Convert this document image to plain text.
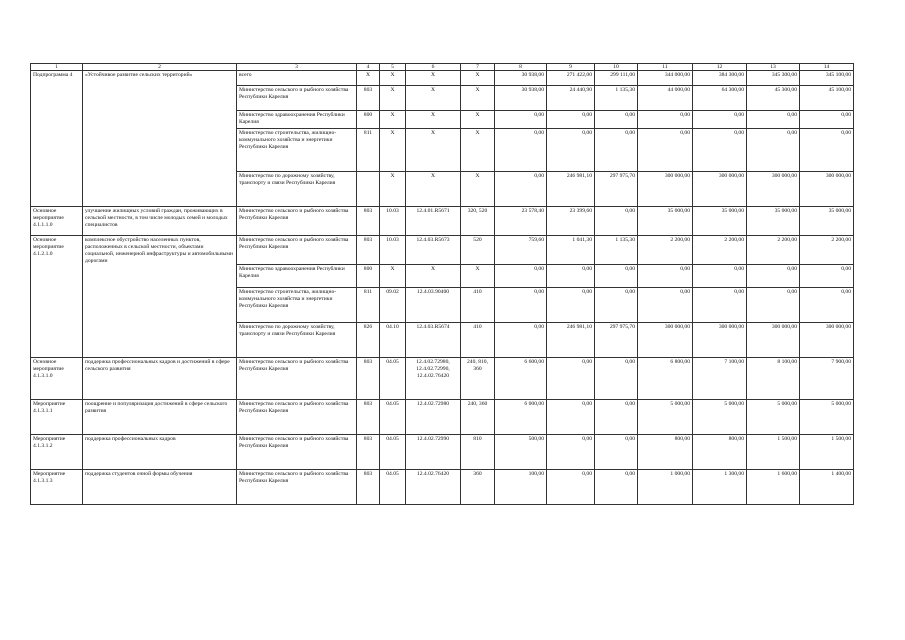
1	2	3	4	5	6	7	8	9	10	11	12	13	14
Подпрограмма 4	«Устойчивое развитие сельских территорий»	всего	Х	Х	Х	Х	30 938,00	271 422,00	299 111,00	344 000,00	384 300,00	345 300,00	345 100,00
		Министерство сельского и рыбного хозяйства Республики Карелия	803	Х	Х	Х	30 938,00	24 440,90	1 135,30	44 000,00	64 300,00	45 300,00	45 100,00
		Министерство здравоохранения Республики Карелия	800	Х	Х	Х	0,00	0,00	0,00	0,00	0,00	0,00	0,00
		Министерство строительства, жилищно-коммунального хозяйства и энергетики Республики Карелия	811	Х	Х	Х	0,00	0,00	0,00	0,00	0,00	0,00	0,00
		Министерство по дорожному хозяйству, транспорту и связи Республики Карелия		Х	Х	Х	0,00	246 981,10	297 975,70	300 000,00	300 000,00	300 000,00	300 000,00
Основное мероприятие 4.1.1.1.0	улучшение жилищных условий граждан, проживающих в сельской местности, в том числе молодых семей и молодых специалистов	Министерство сельского и рыбного хозяйства Республики Карелия	803	10.03	12.4.01.R5671	320, 520	23 578,40	23 399,60	0,00	35 000,00	35 000,00	35 000,00	35 000,00
Основное мероприятие 4.1.2.1.0	комплексное обустройство населенных пунктов, расположенных в сельской местности, объектами социальной, инженерной инфраструктуры и автомобильными дорогами	Министерство сельского и рыбного хозяйства Республики Карелия	803	10.03	12.4.03.R5673	520	759,60	1 041,30	1 135,30	2 200,00	2 200,00	2 200,00	2 200,00
		Министерство здравоохранения Республики Карелия	800	Х	Х	Х	0,00	0,00	0,00	0,00	0,00	0,00	0,00
		Министерство строительства, жилищно-коммунального хозяйства и энергетики Республики Карелия	811	09.02	12.4.03.90400	410	0,00	0,00	0,00	0,00	0,00	0,00	0,00
		Министерство по дорожному хозяйству, транспорту и связи Республики Карелия	826	04.10	12.4.03.R5674	410	0,00	246 981,10	297 975,70	300 000,00	300 000,00	300 000,00	300 000,00
Основное мероприятие 4.1.3.1.0	поддержка профессиональных кадров и достижений в сфере сельского развития	Министерство сельского и рыбного хозяйства Республики Карелия	803	04.05	12.4.02.72980, 12.4.02.72990, 12.4.02.76420	240, 810, 360	6 600,00	0,00	0,00	6 800,00	7 100,00	8 100,00	7 900,00
Мероприятие 4.1.3.1.1	поощрение и популяризация достижений в сфере сельского развития	Министерство сельского и рыбного хозяйства Республики Карелия	803	04.05	12.4.02.72980	240, 360	6 000,00	0,00	0,00	5 000,00	5 000,00	5 000,00	5 000,00
Мероприятие 4.1.3.1.2	поддержка профессиональных кадров	Министерство сельского и рыбного хозяйства Республики Карелия	803	04.05	12.4.02.72990	810	500,00	0,00	0,00	800,00	800,00	1 500,00	1 500,00
Мероприятие 4.1.3.1.3	поддержка студентов очной формы обучения	Министерство сельского и рыбного хозяйства Республики Карелия	803	04.05	12.4.02.76420	360	100,00	0,00	0,00	1 000,00	1 300,00	1 600,00	1 400,00
